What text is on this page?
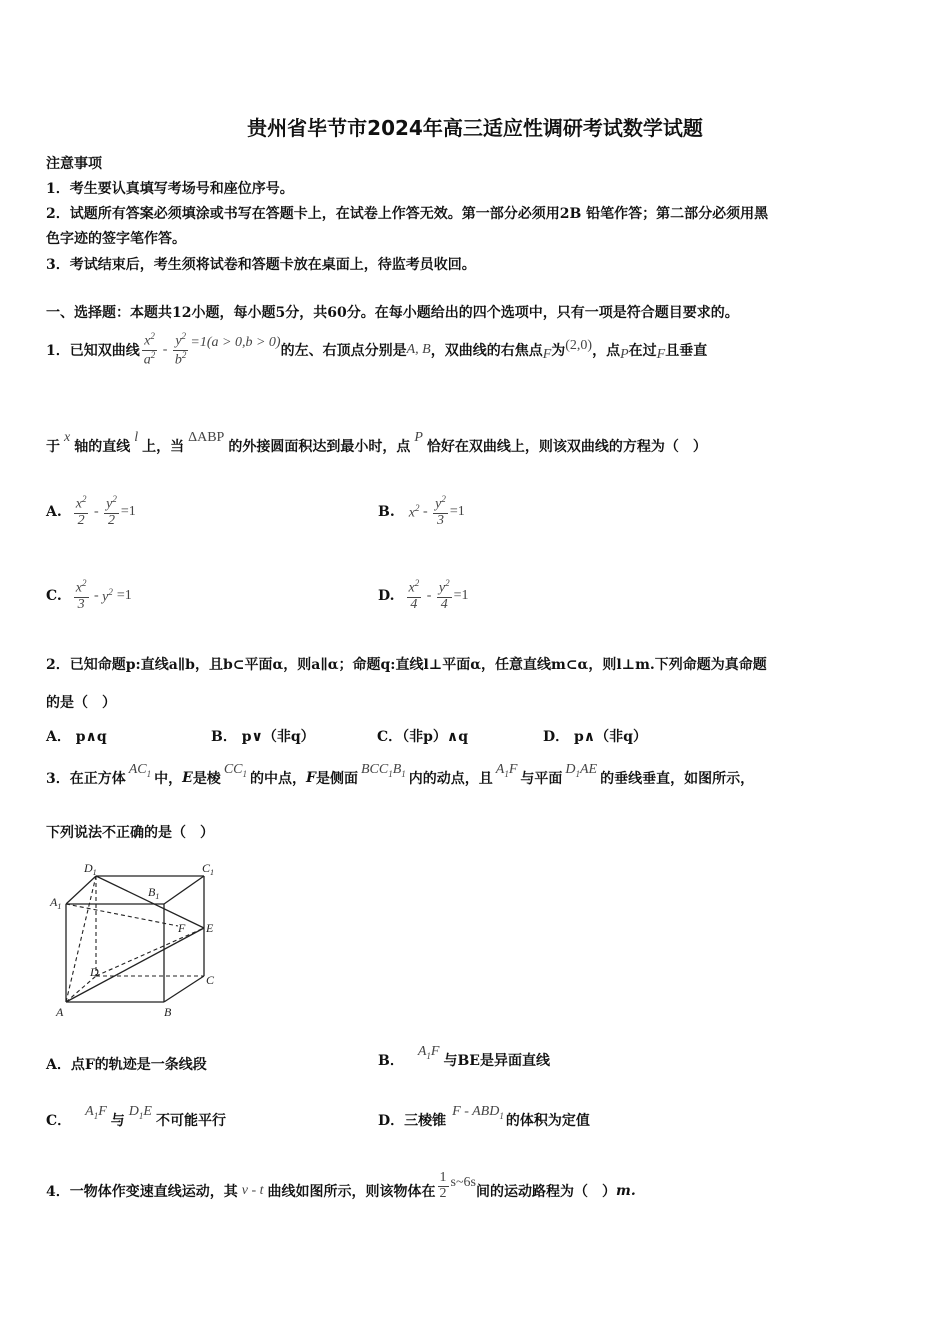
贵州省毕节市2024年高三适应性调研考试数学试题
注意事项
1．考生要认真填写考场号和座位序号。
2．试题所有答案必须填涂或书写在答题卡上，在试卷上作答无效。第一部分必须用2B 铅笔作答；第二部分必须用黑
色字迹的签字笔作答。
3．考试结束后，考生须将试卷和答题卡放在桌面上，待监考员收回。
一、选择题：本题共12小题，每小题5分，共60分。在每小题给出的四个选项中，只有一项是符合题目要求的。
1．已知双曲线 $\frac{x^2}{a^2} - \frac{y^2}{b^2} =1(a > 0,b > 0)$
的左、右顶点分别是 A, B ，双曲线的右焦点 F 为 (2,0) ，点 P 在过 F 且垂直
于
x
轴的直线
l
上，当
ΔABP
的外接圆面积达到最小时，点
P
恰好在双曲线上，则该双曲线的方程为（　）
A. $\frac{x^2}{2} - \frac{y^2}{2} =1$	B. $x^2 - \frac{y^2}{3} =1$
C. $\frac{x^2}{3} - y^2 =1$	D. $\frac{x^2}{4} - \frac{y^2}{4} =1$
2．已知命题p:直线a∥b，且b⊂平面α，则a∥α；命题q:直线l⊥平面α，任意直线m⊂α，则l⊥m.下列命题为真命题
的是（　）
A． p∧q	B． p∨（非q）	C．（非p）∧q	D． p∧（非q）
3．在正方体
$AC_1$ 中， E 是棱
$CC_1$ 的中点， F 是侧面
$BCC_1B_1$ 内的动点，且
$A_1F$
与平面
$D_1AE$
的垂线垂直，如图所示，
下列说法不正确的是（　）
$D_1$	$C_1$
$A_1$
$B_1$
F E
D
C
A	B
A．点F的轨迹是一条线段	B．
$A_1F$
与BE是异面直线
C．
$A_1F$
与
$D_1E$
不可能平行	D．三棱锥
F - $ABD_1$ 的体积为定值
4．一物体作变速直线运动，其 v - t 曲线如图所示，则该物体在 $\frac{1}{2}$ s~6s
间的运动路程为（　） m.
